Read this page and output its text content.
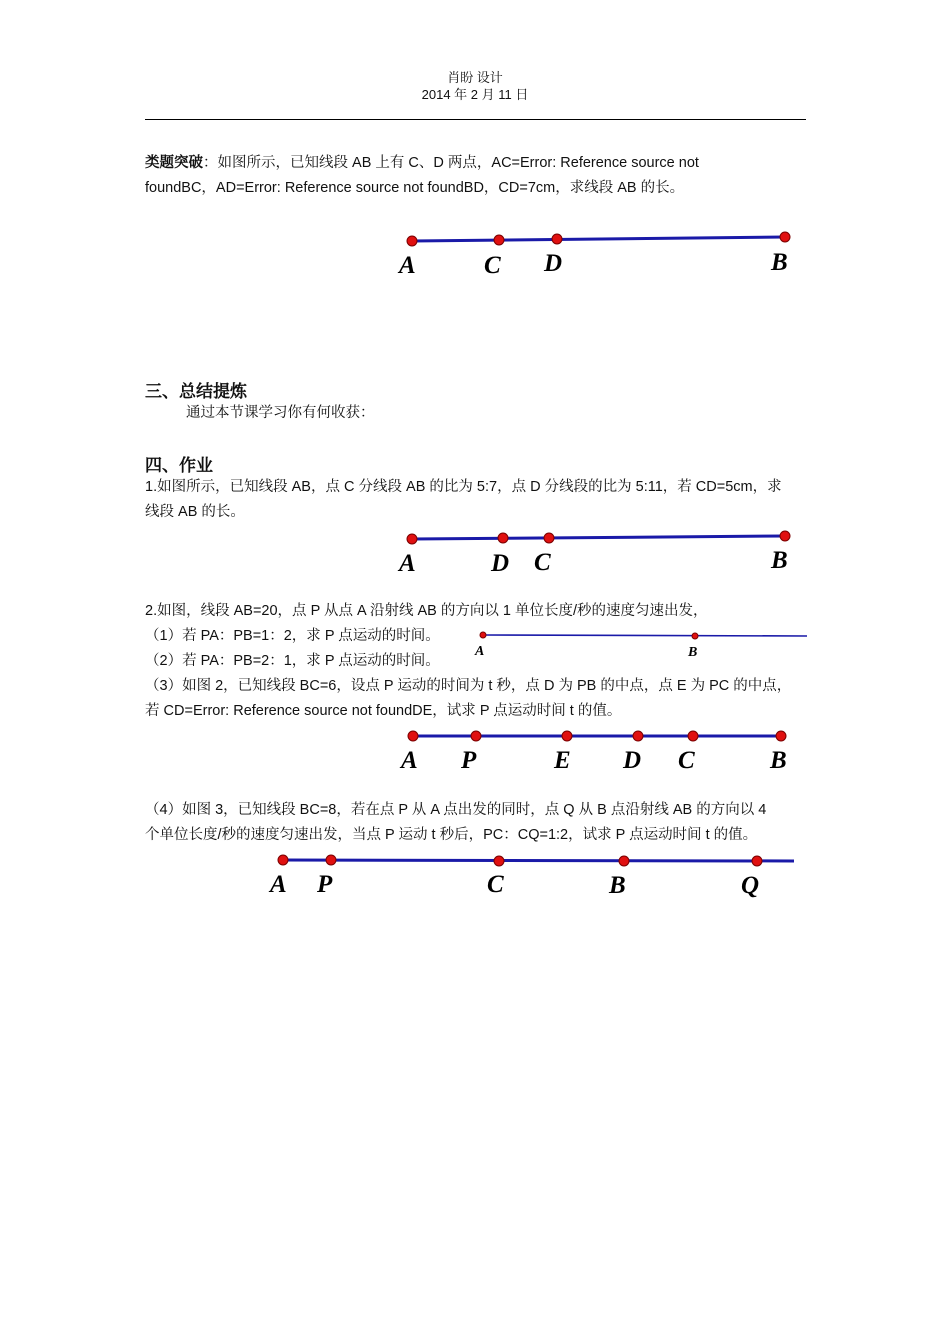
肖盼 设计
2014 年 2 月 11 日
类题突破：如图所示，已知线段 AB 上有 C、D 两点，AC=Error: Reference source not
foundBC，AD=Error: Reference source not foundBD，CD=7cm，求线段 AB 的长。
A	C D	B
A	D C	B
A	B
A P	E D C	B
A P	C	B	Q
三、总结提炼
通过本节课学习你有何收获：
四、作业
1.如图所示，已知线段 AB，点 C 分线段 AB 的比为 5:7，点 D 分线段的比为 5:11，若 CD=5cm，求
线段 AB 的长。
2.如图，线段 AB=20，点 P 从点 A 沿射线 AB 的方向以 1 单位长度/秒的速度匀速出发，
（1）若 PA：PB=1：2，求 P 点运动的时间。
（2）若 PA：PB=2：1，求 P 点运动的时间。
（3）如图 2，已知线段 BC=6，设点 P 运动的时间为 t 秒，点 D 为 PB 的中点，点 E 为 PC 的中点，
若 CD=Error: Reference source not foundDE，试求 P 点运动时间 t 的值。
（4）如图 3，已知线段 BC=8，若在点 P 从 A 点出发的同时，点 Q 从 B 点沿射线 AB 的方向以 4
个单位长度/秒的速度匀速出发，当点 P 运动 t 秒后，PC：CQ=1:2，试求 P 点运动时间 t 的值。
